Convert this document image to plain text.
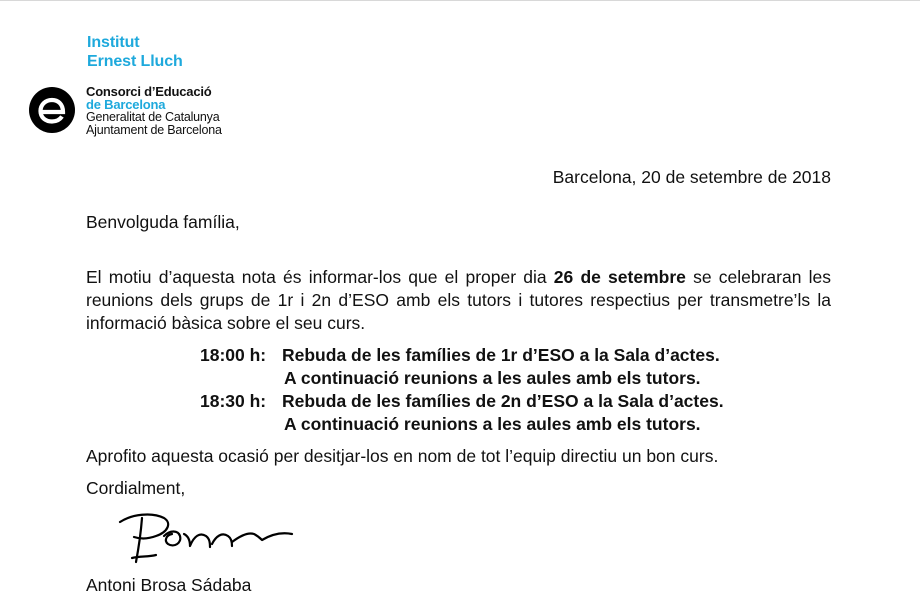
Institut
Ernest Lluch
Consorci d’Educació
de Barcelona
Generalitat de Catalunya
Ajuntament de Barcelona
Barcelona, 20 de setembre de 2018
Benvolguda família,
El motiu d’aquesta nota és informar-los que el proper dia 26 de setembre se celebraran les reunions dels grups de 1r i 2n d’ESO amb els tutors i tutores respectius per transmetre’ls la informació bàsica sobre el seu curs.
18:00 h: Rebuda de les famílies de 1r d’ESO a la Sala d’actes.
A continuació reunions a les aules amb els tutors.
18:30 h: Rebuda de les famílies de 2n d’ESO a la Sala d’actes.
A continuació reunions a les aules amb els tutors.
Aprofito aquesta ocasió per desitjar-los en nom de tot l’equip directiu un bon curs.
Cordialment,
Antoni Brosa Sádaba
